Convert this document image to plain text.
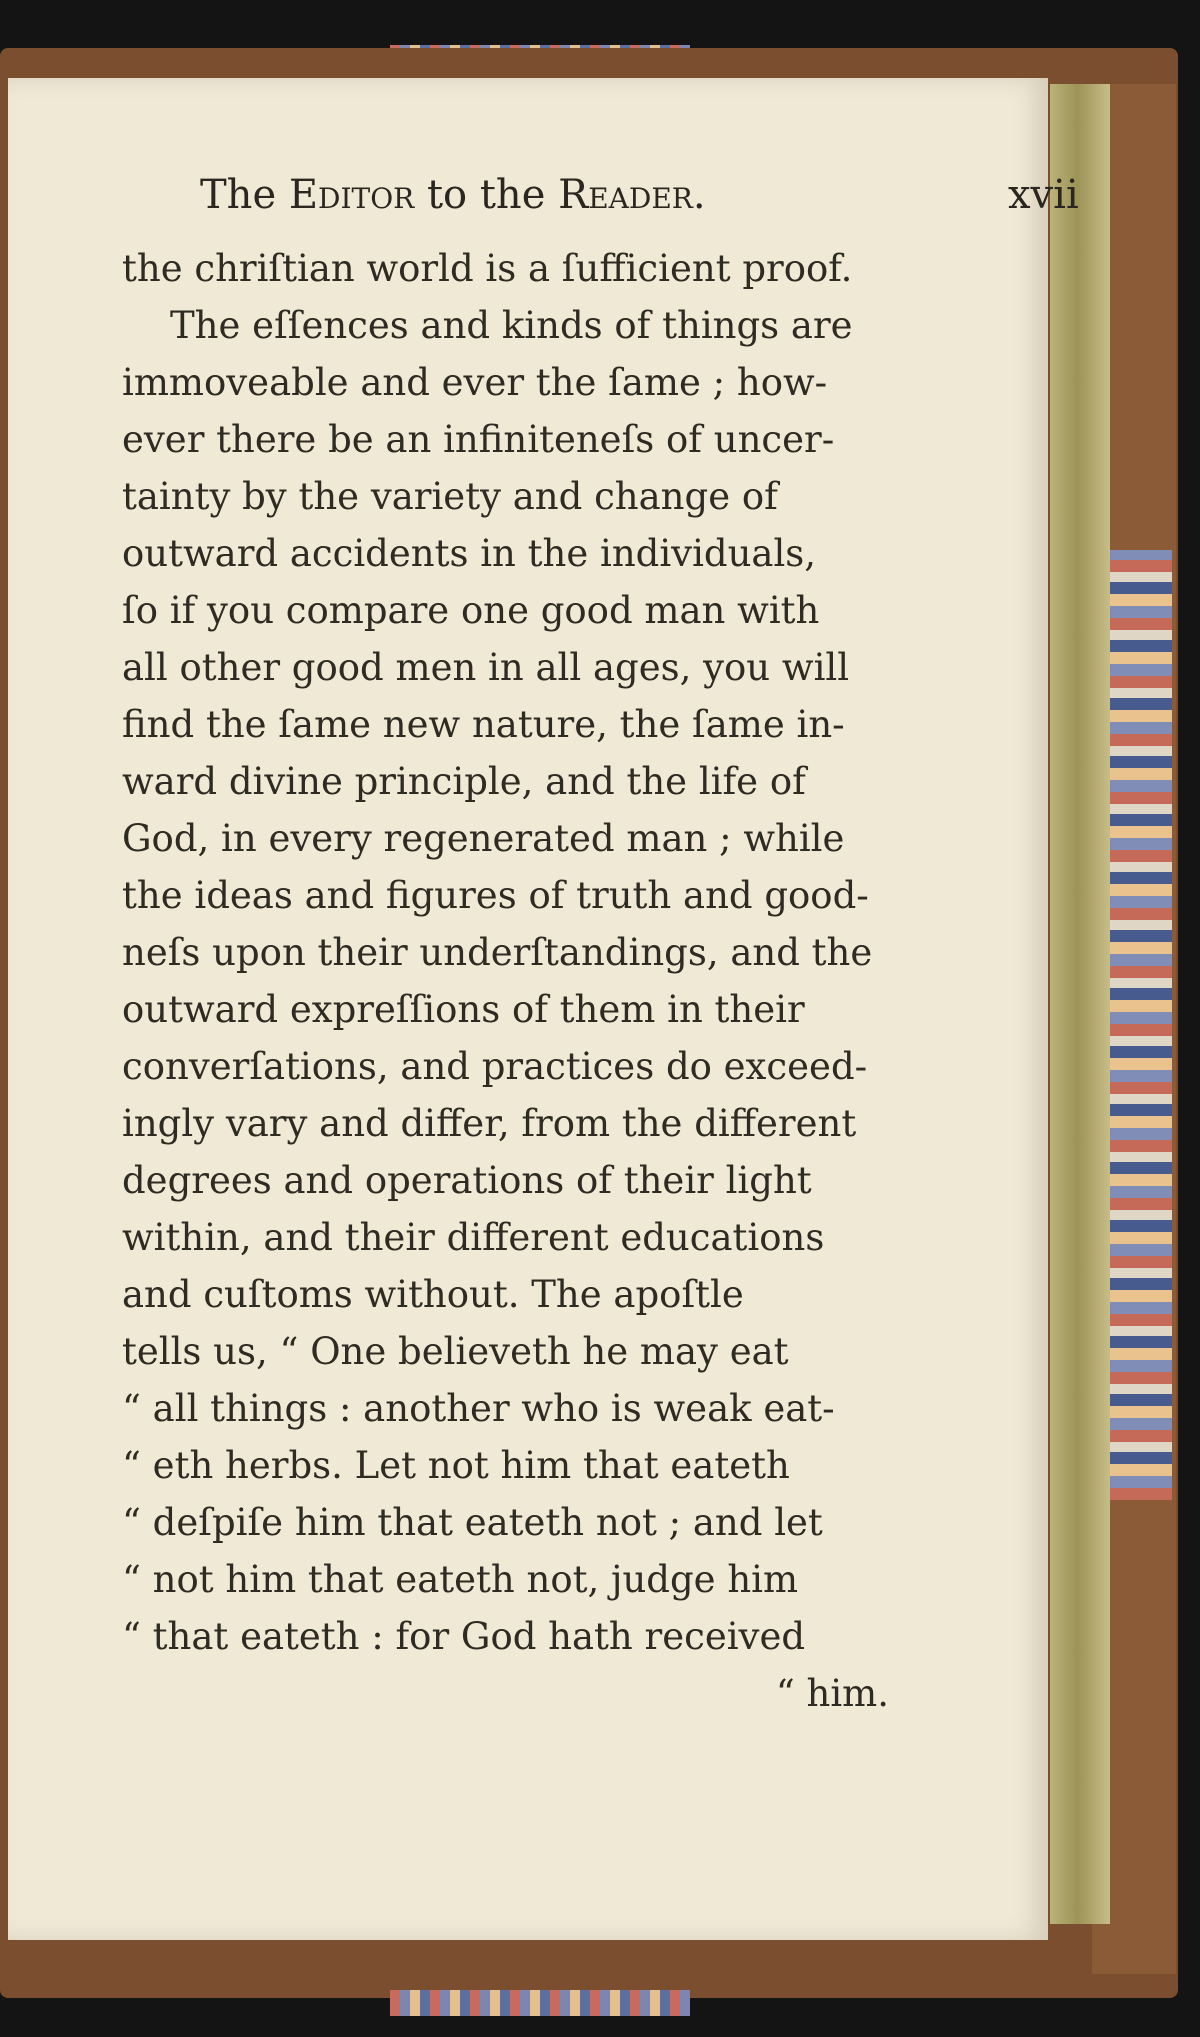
The Editor to the Reader.	xvii
the chriſtian world is a ſufficient proof.
The eſſences and kinds of things are
immoveable and ever the ſame ; how-
ever there be an infiniteneſs of uncer-
tainty by the variety and change of
outward accidents in the individuals,
ſo if you compare one good man with
all other good men in all ages, you will
find the ſame new nature, the ſame in-
ward divine principle, and the life of
God, in every regenerated man ; while
the ideas and figures of truth and good-
neſs upon their underſtandings, and the
outward expreſſions of them in their
converſations, and practices do exceed-
ingly vary and differ, from the different
degrees and operations of their light
within, and their different educations
and cuſtoms without. The apoſtle
tells us, “ One believeth he may eat
“ all things : another who is weak eat-
“ eth herbs. Let not him that eateth
“ deſpiſe him that eateth not ; and let
“ not him that eateth not, judge him
“ that eateth : for God hath received
“ him.
